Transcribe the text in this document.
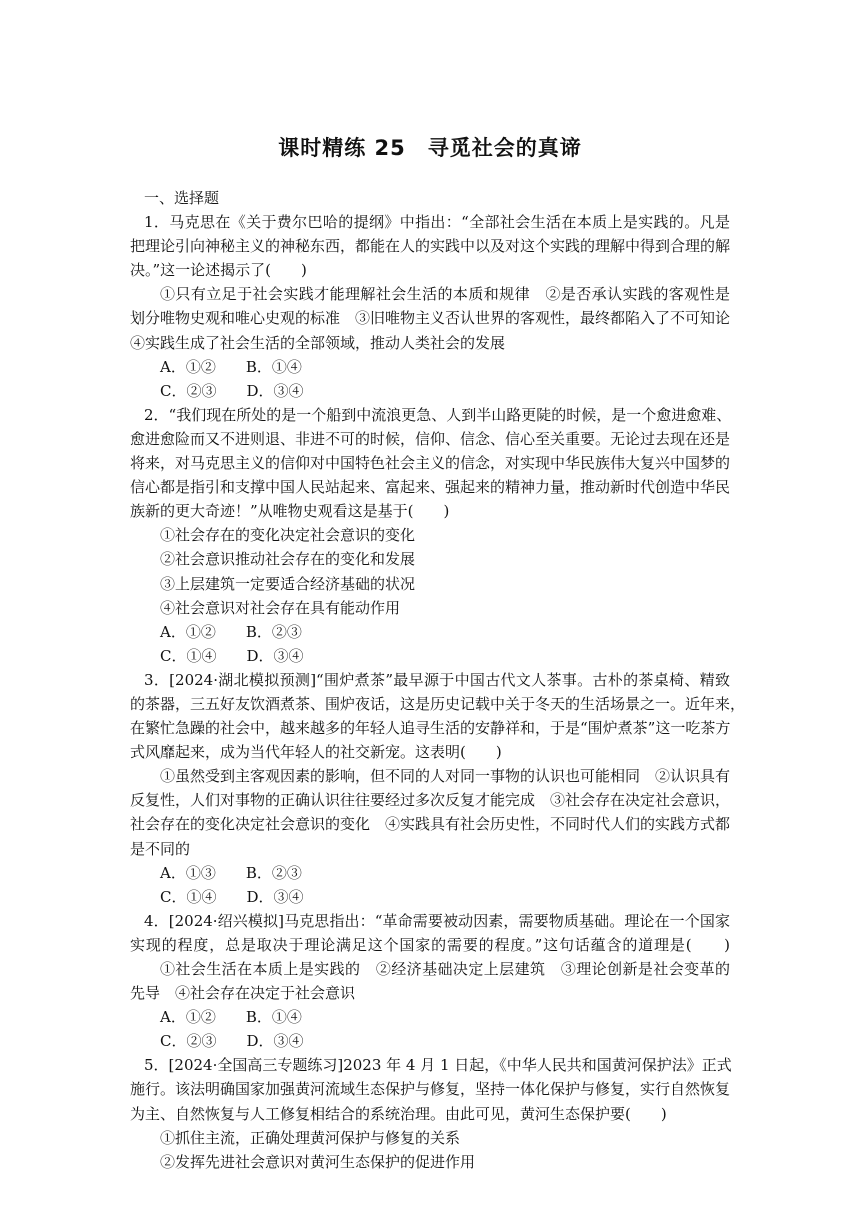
课时精练 25　寻觅社会的真谛

一、选择题

1．马克思在《关于费尔巴哈的提纲》中指出：“全部社会生活在本质上是实践的。凡是

把理论引向神秘主义的神秘东西，都能在人的实践中以及对这个实践的理解中得到合理的解

决。”这一论述揭示了(　　)

①只有立足于社会实践才能理解社会生活的本质和规律　②是否承认实践的客观性是

划分唯物史观和唯心史观的标准　③旧唯物主义否认世界的客观性，最终都陷入了不可知论

④实践生成了社会生活的全部领域，推动人类社会的发展

A．①②　　B．①④

C．②③　　D．③④

2．“我们现在所处的是一个船到中流浪更急、人到半山路更陡的时候，是一个愈进愈难、

愈进愈险而又不进则退、非进不可的时候，信仰、信念、信心至关重要。无论过去现在还是

将来，对马克思主义的信仰对中国特色社会主义的信念，对实现中华民族伟大复兴中国梦的

信心都是指引和支撑中国人民站起来、富起来、强起来的精神力量，推动新时代创造中华民

族新的更大奇迹！”从唯物史观看这是基于(　　)

①社会存在的变化决定社会意识的变化

②社会意识推动社会存在的变化和发展

③上层建筑一定要适合经济基础的状况

④社会意识对社会存在具有能动作用

A．①②　　B．②③

C．①④　　D．③④

3．[2024·湖北模拟预测]“围炉煮茶”最早源于中国古代文人茶事。古朴的茶桌椅、精致

的茶器，三五好友饮酒煮茶、围炉夜话，这是历史记载中关于冬天的生活场景之一。近年来，

在繁忙急躁的社会中，越来越多的年轻人追寻生活的安静祥和，于是“围炉煮茶”这一吃茶方

式风靡起来，成为当代年轻人的社交新宠。这表明(　　)

①虽然受到主客观因素的影响，但不同的人对同一事物的认识也可能相同　②认识具有

反复性，人们对事物的正确认识往往要经过多次反复才能完成　③社会存在决定社会意识，

社会存在的变化决定社会意识的变化　④实践具有社会历史性，不同时代人们的实践方式都

是不同的

A．①③　　B．②③

C．①④　　D．③④

4．[2024·绍兴模拟]马克思指出：“革命需要被动因素，需要物质基础。理论在一个国家

实现的程度，总是取决于理论满足这个国家的需要的程度。”这句话蕴含的道理是(　　)

①社会生活在本质上是实践的　②经济基础决定上层建筑　③理论创新是社会变革的

先导　④社会存在决定于社会意识

A．①②　　B．①④

C．②③　　D．③④

5．[2024·全国高三专题练习]2023 年 4 月 1 日起，《中华人民共和国黄河保护法》正式

施行。该法明确国家加强黄河流域生态保护与修复，坚持一体化保护与修复，实行自然恢复

为主、自然恢复与人工修复相结合的系统治理。由此可见，黄河生态保护要(　　)

①抓住主流，正确处理黄河保护与修复的关系

②发挥先进社会意识对黄河生态保护的促进作用
